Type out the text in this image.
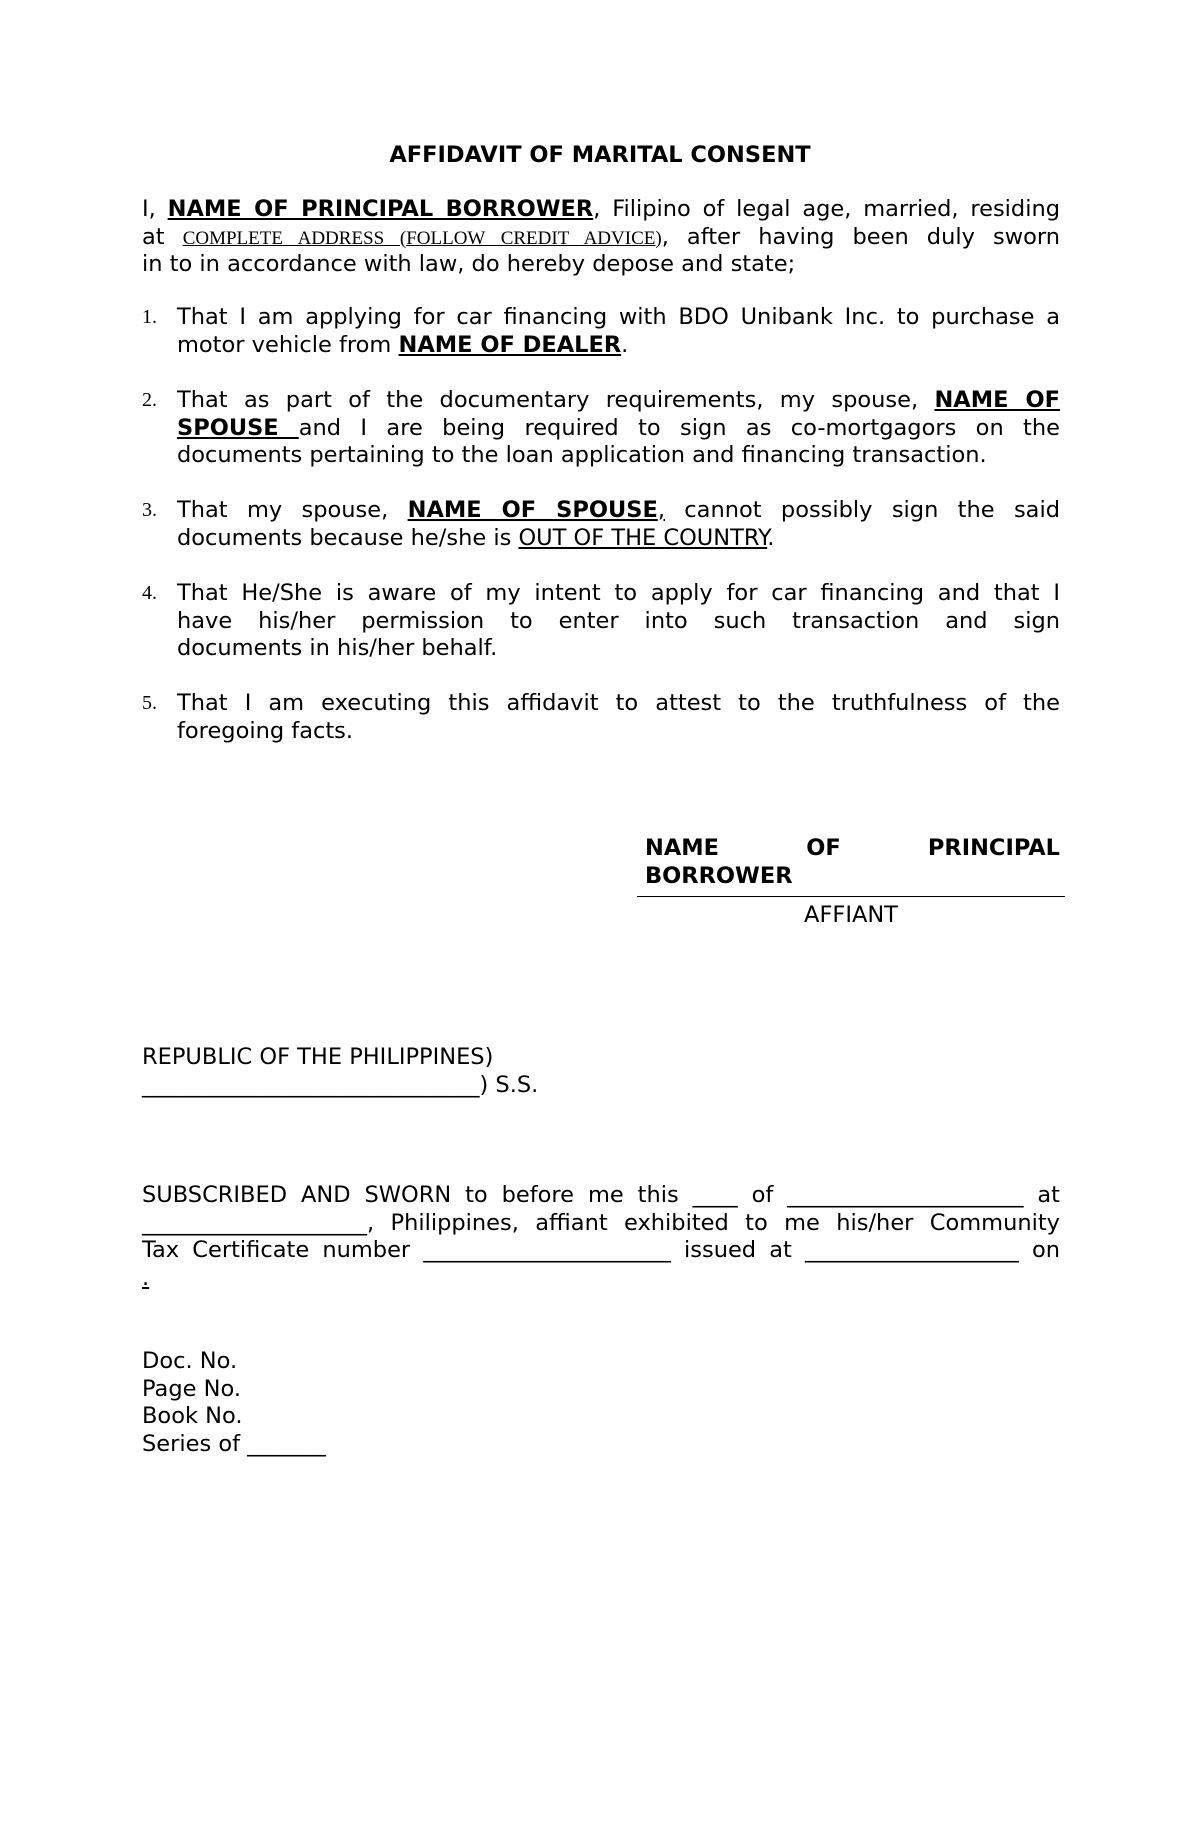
AFFIDAVIT OF MARITAL CONSENT
I, NAME OF PRINCIPAL BORROWER, Filipino of legal age, married, residing
at COMPLETE ADDRESS (FOLLOW CREDIT ADVICE), after having been duly sworn
in to in accordance with law, do hereby depose and state;
1. That I am applying for car financing with BDO Unibank Inc. to purchase a
motor vehicle from NAME OF DEALER.
2. That as part of the documentary requirements, my spouse, NAME OF
SPOUSE and I are being required to sign as co-mortgagors on the
documents pertaining to the loan application and financing transaction.
3. That my spouse, NAME OF SPOUSE, cannot possibly sign the said
documents because he/she is OUT OF THE COUNTRY.
4. That He/She is aware of my intent to apply for car financing and that I
have his/her permission to enter into such transaction and sign
documents in his/her behalf.
5. That I am executing this affidavit to attest to the truthfulness of the
foregoing facts.
NAME OF PRINCIPAL
BORROWER
AFFIANT
REPUBLIC OF THE PHILIPPINES)
______________________________) S.S.
SUBSCRIBED AND SWORN to before me this ____ of _____________________ at
____________________, Philippines, affiant exhibited to me his/her Community
Tax Certificate number ______________________ issued at ___________________ on
.
Doc. No.
Page No.
Book No.
Series of _______
